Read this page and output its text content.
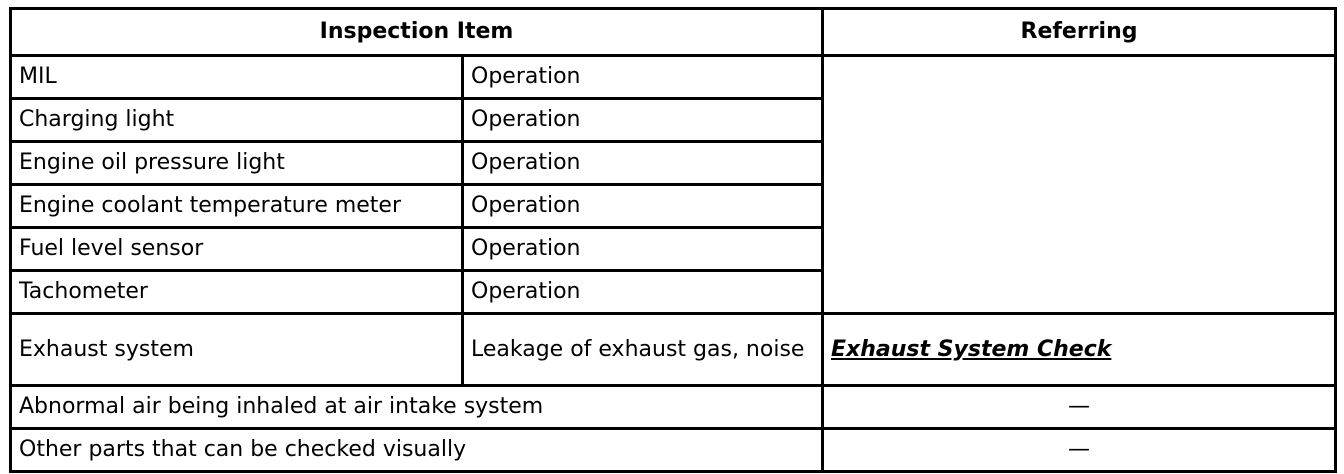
Inspection Item		Referring
MIL	Operation	
Charging light	Operation	
Engine oil pressure light	Operation	
Engine coolant temperature meter	Operation	
Fuel level sensor	Operation	
Tachometer	Operation	
Exhaust system	Leakage of exhaust gas, noise	Exhaust System Check
Abnormal air being inhaled at air intake system		—
Other parts that can be checked visually		—
